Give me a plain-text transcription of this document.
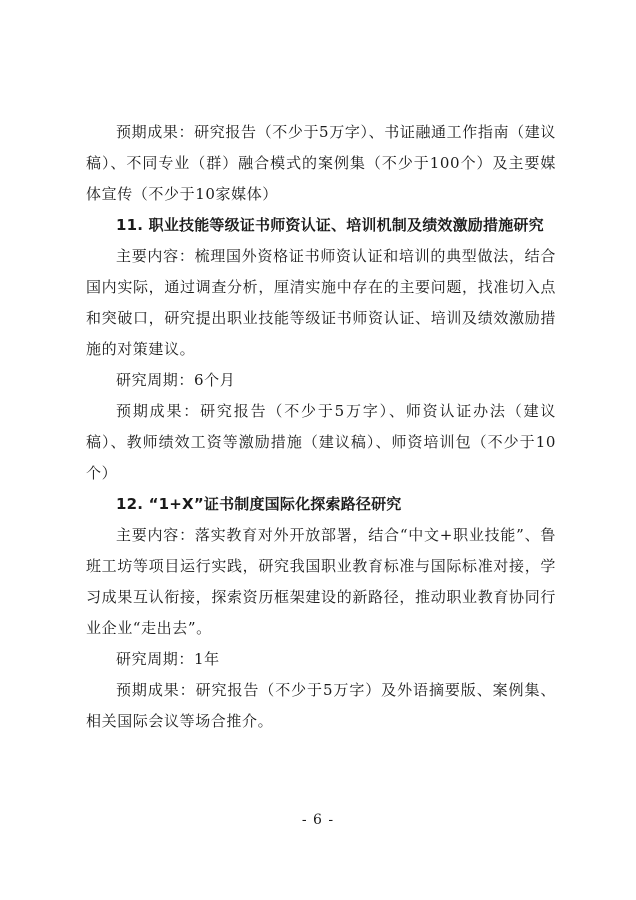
预期成果：研究报告（不少于5万字）、书证融通工作指南（建议稿）、不同专业（群）融合模式的案例集（不少于100个）及主要媒体宣传（不少于10家媒体）

11. 职业技能等级证书师资认证、培训机制及绩效激励措施研究

主要内容：梳理国外资格证书师资认证和培训的典型做法，结合国内实际，通过调查分析，厘清实施中存在的主要问题，找准切入点和突破口，研究提出职业技能等级证书师资认证、培训及绩效激励措施的对策建议。

研究周期：6个月

预期成果：研究报告（不少于5万字）、师资认证办法（建议稿）、教师绩效工资等激励措施（建议稿）、师资培训包（不少于10个）

12. “1+X”证书制度国际化探索路径研究

主要内容：落实教育对外开放部署，结合“中文+职业技能”、鲁班工坊等项目运行实践，研究我国职业教育标准与国际标准对接，学习成果互认衔接，探索资历框架建设的新路径，推动职业教育协同行业企业“走出去”。

研究周期：1年

预期成果：研究报告（不少于5万字）及外语摘要版、案例集、相关国际会议等场合推介。

- 6 -
